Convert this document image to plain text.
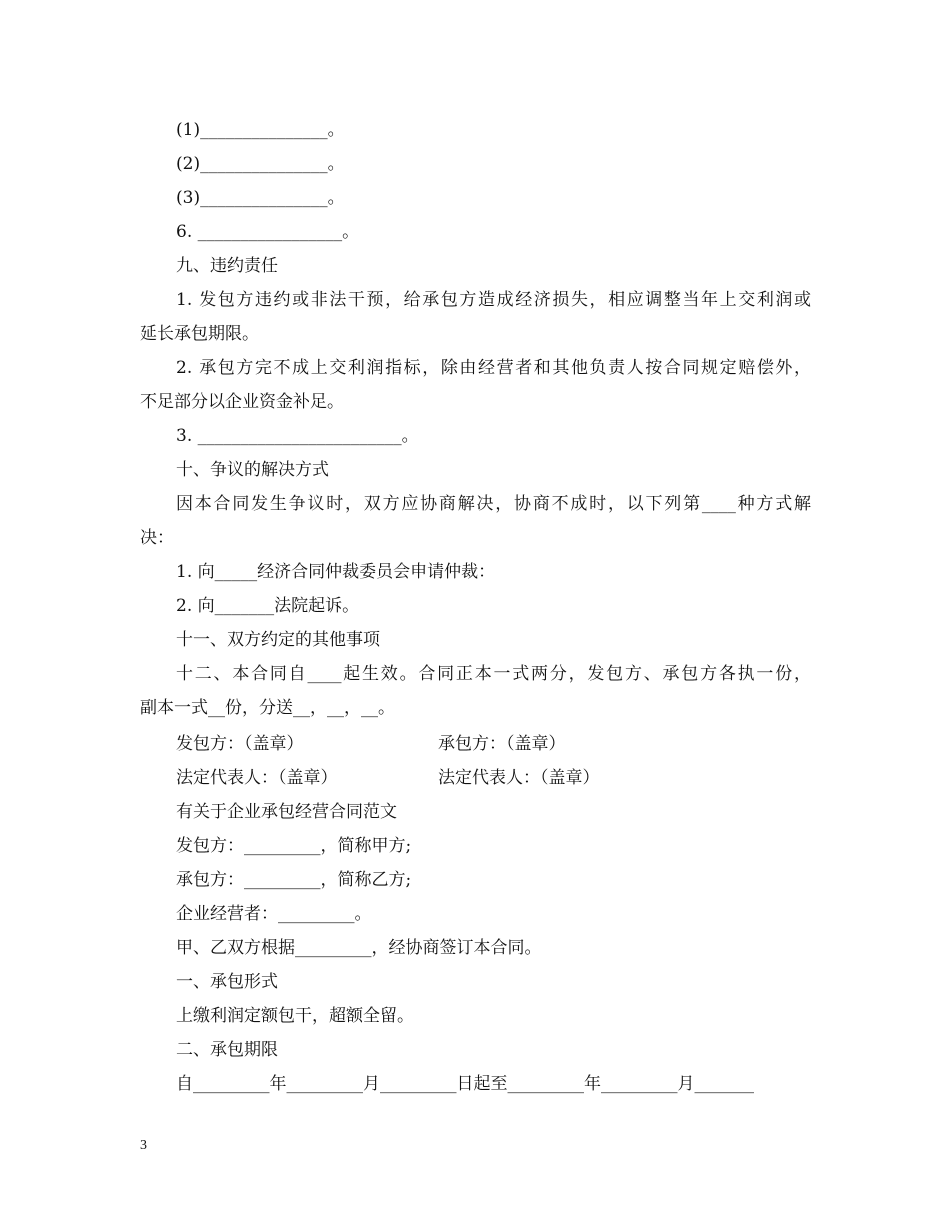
(1)_______________。
(2)_______________。
(3)_______________。
6. _________________。
九、违约责任
1. 发包方违约或非法干预，给承包方造成经济损失，相应调整当年上交利润或
延长承包期限。
2. 承包方完不成上交利润指标，除由经营者和其他负责人按合同规定赔偿外，
不足部分以企业资金补足。
3. ________________________。
十、争议的解决方式
因本合同发生争议时，双方应协商解决，协商不成时，以下列第____种方式解
决：
1. 向_____经济合同仲裁委员会申请仲裁：
2. 向_______法院起诉。
十一、双方约定的其他事项
十二、本合同自____起生效。合同正本一式两分，发包方、承包方各执一份，
副本一式__份，分送__，__，__。
发包方：（盖章）	承包方：（盖章）
法定代表人：（盖章）	法定代表人：（盖章）
有关于企业承包经营合同范文
发包方：_________，简称甲方;
承包方：_________，简称乙方;
企业经营者：_________。
甲、乙双方根据_________，经协商签订本合同。
一、承包形式
上缴利润定额包干，超额全留。
二、承包期限
自_________年_________月_________日起至_________年_________月_______
3
